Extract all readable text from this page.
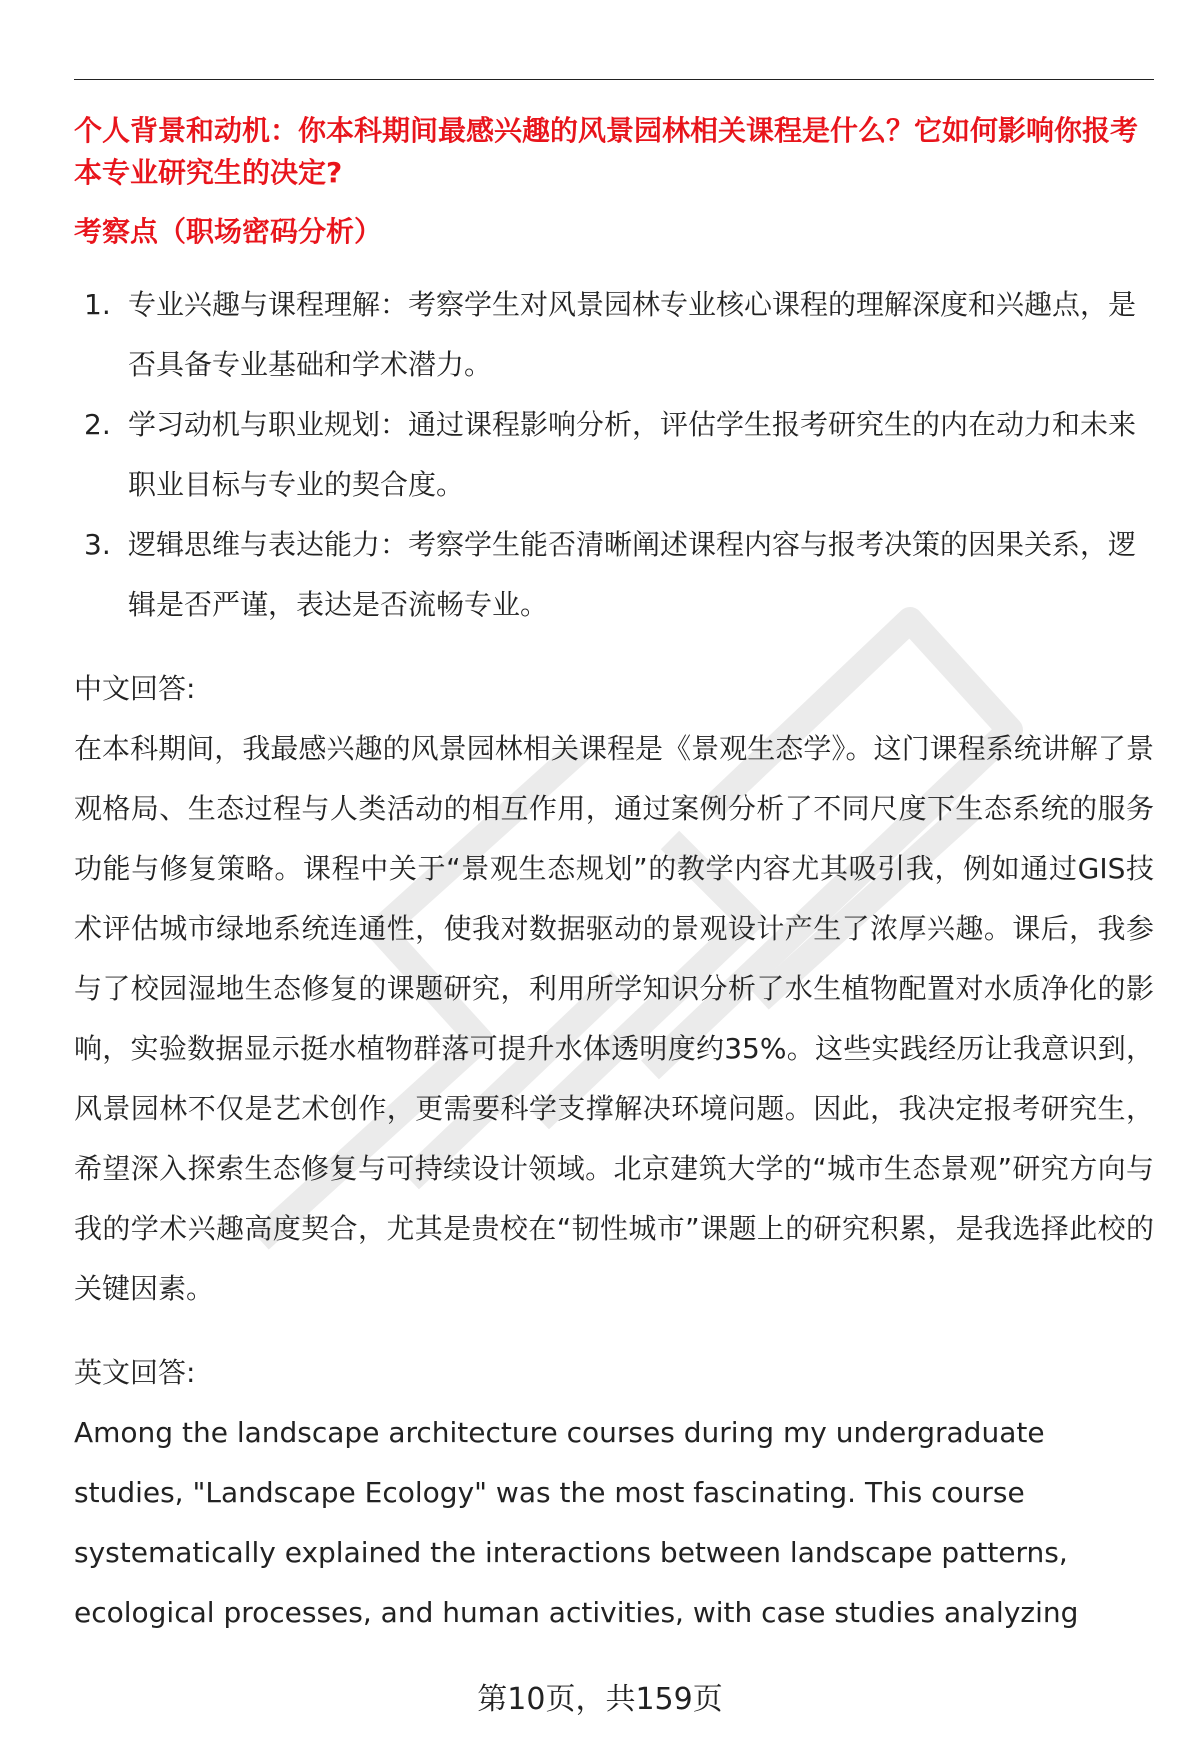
个人背景和动机：你本科期间最感兴趣的风景园林相关课程是什么？它如何影响你报考本专业研究生的决定?

考察点（职场密码分析）

1. 专业兴趣与课程理解：考察学生对风景园林专业核心课程的理解深度和兴趣点，是否具备专业基础和学术潜力。
2. 学习动机与职业规划：通过课程影响分析，评估学生报考研究生的内在动力和未来职业目标与专业的契合度。
3. 逻辑思维与表达能力：考察学生能否清晰阐述课程内容与报考决策的因果关系，逻辑是否严谨，表达是否流畅专业。

中文回答:

在本科期间，我最感兴趣的风景园林相关课程是《景观生态学》。这门课程系统讲解了景观格局、生态过程与人类活动的相互作用，通过案例分析了不同尺度下生态系统的服务功能与修复策略。课程中关于“景观生态规划”的教学内容尤其吸引我，例如通过GIS技术评估城市绿地系统连通性，使我对数据驱动的景观设计产生了浓厚兴趣。课后，我参与了校园湿地生态修复的课题研究，利用所学知识分析了水生植物配置对水质净化的影响，实验数据显示挺水植物群落可提升水体透明度约35%。这些实践经历让我意识到，风景园林不仅是艺术创作，更需要科学支撑解决环境问题。因此，我决定报考研究生，希望深入探索生态修复与可持续设计领域。北京建筑大学的“城市生态景观”研究方向与我的学术兴趣高度契合，尤其是贵校在“韧性城市”课题上的研究积累，是我选择此校的关键因素。

英文回答:

Among the landscape architecture courses during my undergraduate studies, "Landscape Ecology" was the most fascinating. This course systematically explained the interactions between landscape patterns, ecological processes, and human activities, with case studies analyzing

第10页，共159页
